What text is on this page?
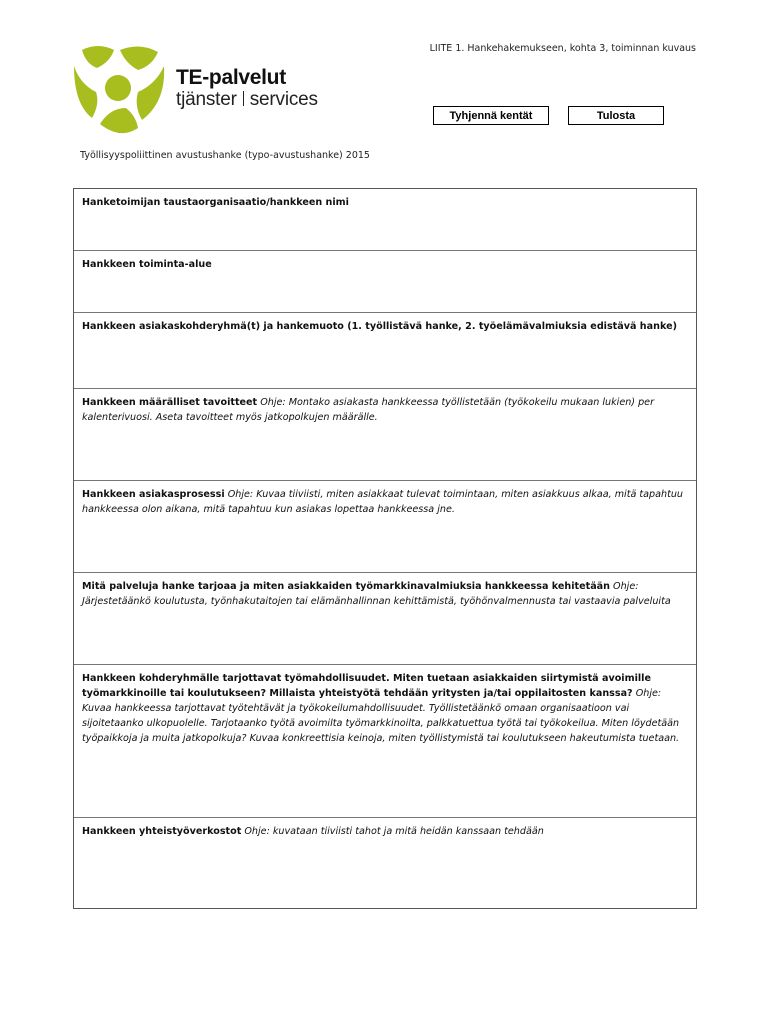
TE-palvelut
tjänster services
LIITE 1. Hankehakemukseen, kohta 3, toiminnan kuvaus
Tyhjennä kentät	Tulosta
Työllisyyspoliittinen avustushanke (typo-avustushanke) 2015
Hanketoimijan taustaorganisaatio/hankkeen nimi
Hankkeen toiminta-alue
Hankkeen asiakaskohderyhmä(t) ja hankemuoto (1. työllistävä hanke, 2. työelämävalmiuksia edistävä hanke)
Hankkeen määrälliset tavoitteet Ohje: Montako asiakasta hankkeessa työllistetään (työkokeilu mukaan lukien) per kalenterivuosi. Aseta tavoitteet myös jatkopolkujen määrälle.
Hankkeen asiakasprosessi Ohje: Kuvaa tiiviisti, miten asiakkaat tulevat toimintaan, miten asiakkuus alkaa, mitä tapahtuu hankkeessa olon aikana, mitä tapahtuu kun asiakas lopettaa hankkeessa jne.
Mitä palveluja hanke tarjoaa ja miten asiakkaiden työmarkkinavalmiuksia hankkeessa kehitetään Ohje: Järjestetäänkö koulutusta, työnhakutaitojen tai elämänhallinnan kehittämistä, työhönvalmennusta tai vastaavia palveluita
Hankkeen kohderyhmälle tarjottavat työmahdollisuudet. Miten tuetaan asiakkaiden siirtymistä avoimille työmarkkinoille tai koulutukseen? Millaista yhteistyötä tehdään yritysten ja/tai oppilaitosten kanssa? Ohje: Kuvaa hankkeessa tarjottavat työtehtävät ja työkokeilumahdollisuudet. Työllistetäänkö omaan organisaatioon vai sijoitetaanko ulkopuolelle. Tarjotaanko työtä avoimilta työmarkkinoilta, palkkatuettua työtä tai työkokeilua. Miten löydetään työpaikkoja ja muita jatkopolkuja? Kuvaa konkreettisia keinoja, miten työllistymistä tai koulutukseen hakeutumista tuetaan.
Hankkeen yhteistyöverkostot Ohje: kuvataan tiiviisti tahot ja mitä heidän kanssaan tehdään
